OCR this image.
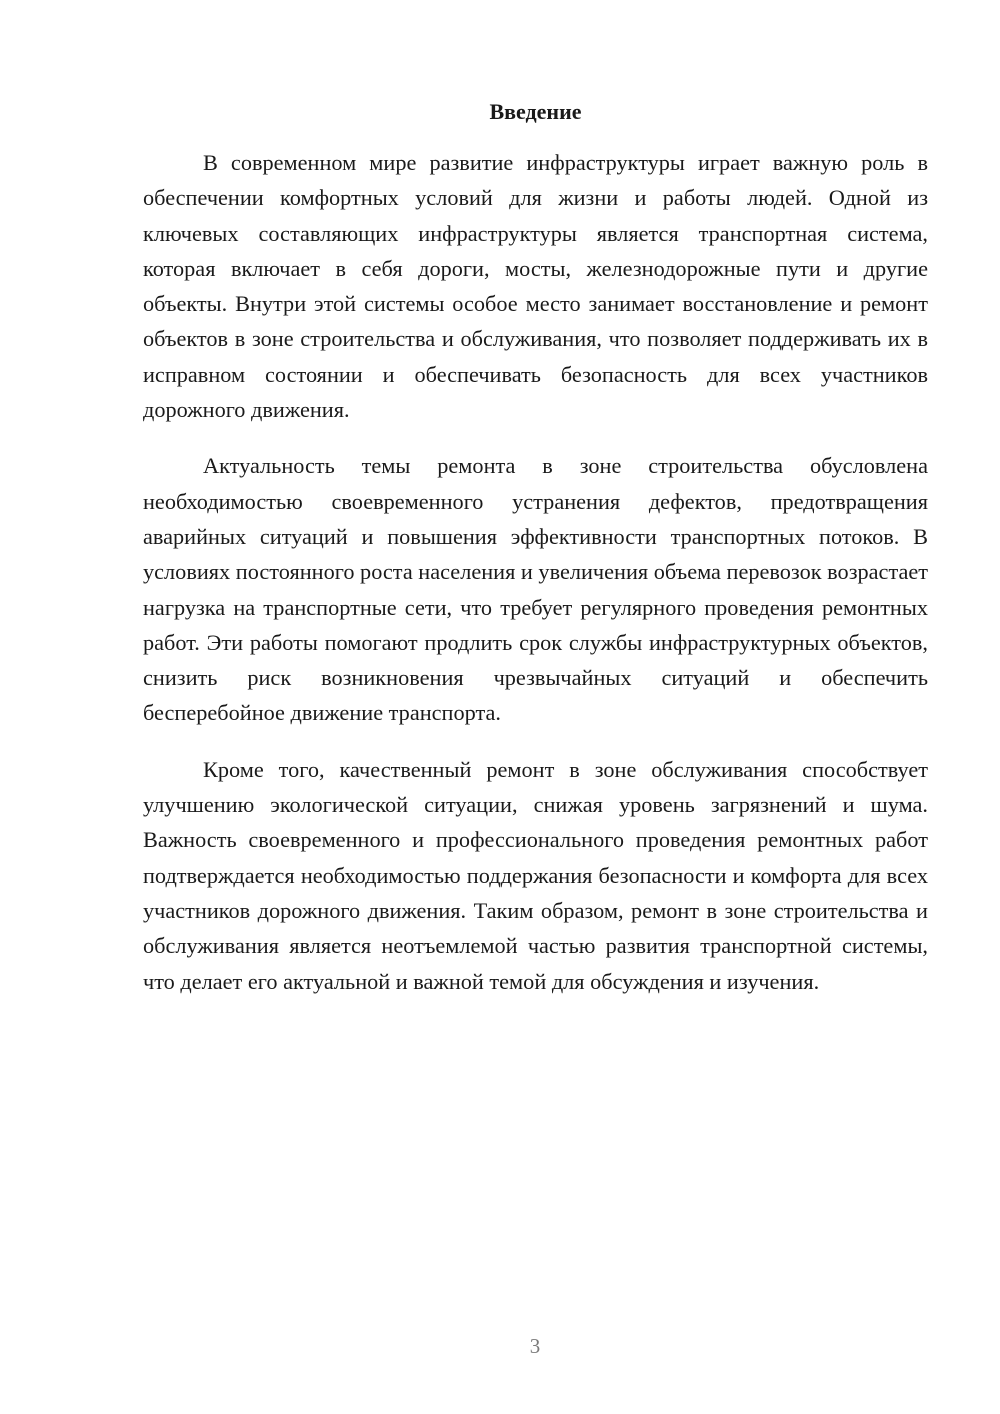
Введение

В современном мире развитие инфраструктуры играет важную роль в обеспечении комфортных условий для жизни и работы людей. Одной из ключевых составляющих инфраструктуры является транспортная система, которая включает в себя дороги, мосты, железнодорожные пути и другие объекты. Внутри этой системы особое место занимает восстановление и ремонт объектов в зоне строительства и обслуживания, что позволяет поддерживать их в исправном состоянии и обеспечивать безопасность для всех участников дорожного движения.

Актуальность темы ремонта в зоне строительства обусловлена необходимостью своевременного устранения дефектов, предотвращения аварийных ситуаций и повышения эффективности транспортных потоков. В условиях постоянного роста населения и увеличения объема перевозок возрастает нагрузка на транспортные сети, что требует регулярного проведения ремонтных работ. Эти работы помогают продлить срок службы инфраструктурных объектов, снизить риск возникновения чрезвычайных ситуаций и обеспечить бесперебойное движение транспорта.

Кроме того, качественный ремонт в зоне обслуживания способствует улучшению экологической ситуации, снижая уровень загрязнений и шума. Важность своевременного и профессионального проведения ремонтных работ подтверждается необходимостью поддержания безопасности и комфорта для всех участников дорожного движения. Таким образом, ремонт в зоне строительства и обслуживания является неотъемлемой частью развития транспортной системы, что делает его актуальной и важной темой для обсуждения и изучения.

3
